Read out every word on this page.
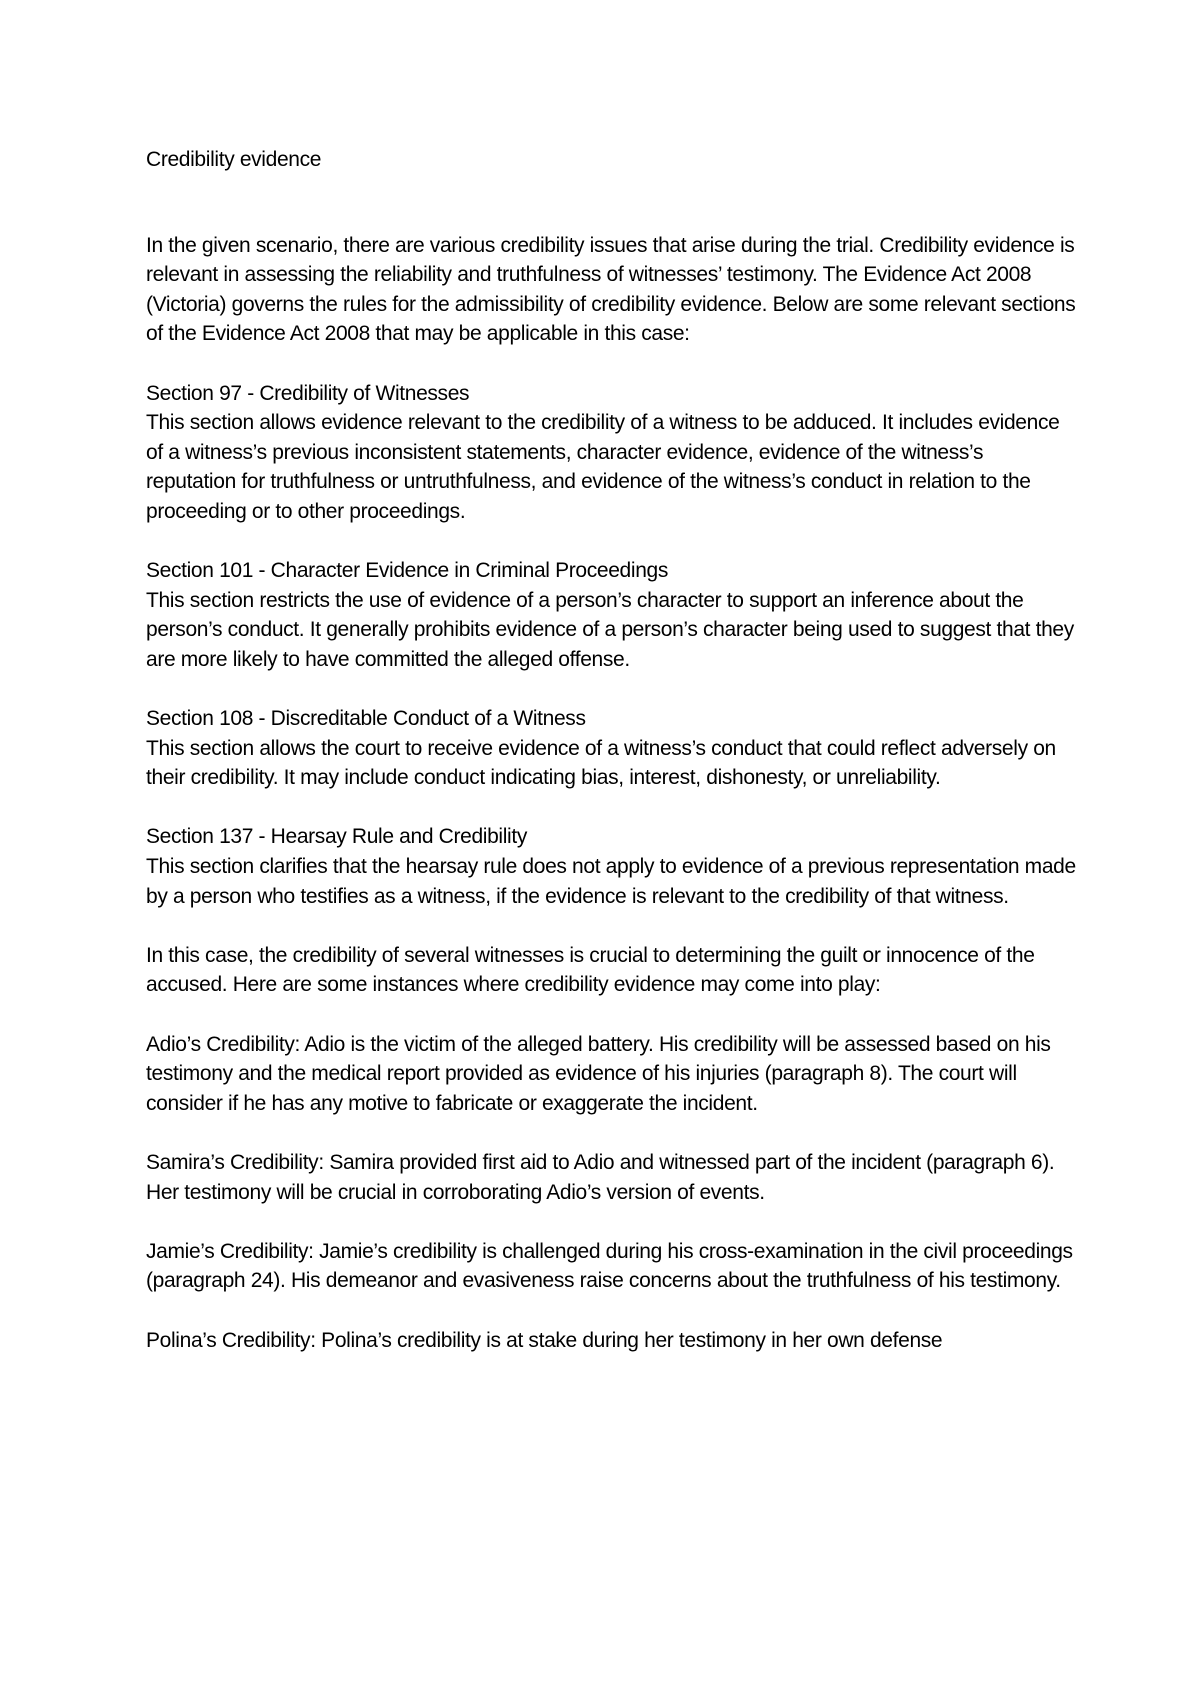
Credibility evidence

In the given scenario, there are various credibility issues that arise during the trial. Credibility evidence is relevant in assessing the reliability and truthfulness of witnesses’ testimony. The Evidence Act 2008 (Victoria) governs the rules for the admissibility of credibility evidence. Below are some relevant sections of the Evidence Act 2008 that may be applicable in this case:

Section 97 - Credibility of Witnesses
This section allows evidence relevant to the credibility of a witness to be adduced. It includes evidence of a witness’s previous inconsistent statements, character evidence, evidence of the witness’s reputation for truthfulness or untruthfulness, and evidence of the witness’s conduct in relation to the proceeding or to other proceedings.
Section 101 - Character Evidence in Criminal Proceedings
This section restricts the use of evidence of a person’s character to support an inference about the person’s conduct. It generally prohibits evidence of a person’s character being used to suggest that they are more likely to have committed the alleged offense.
Section 108 - Discreditable Conduct of a Witness
This section allows the court to receive evidence of a witness’s conduct that could reflect adversely on their credibility. It may include conduct indicating bias, interest, dishonesty, or unreliability.
Section 137 - Hearsay Rule and Credibility
This section clarifies that the hearsay rule does not apply to evidence of a previous representation made by a person who testifies as a witness, if the evidence is relevant to the credibility of that witness.

In this case, the credibility of several witnesses is crucial to determining the guilt or innocence of the accused. Here are some instances where credibility evidence may come into play:

Adio’s Credibility: Adio is the victim of the alleged battery. His credibility will be assessed based on his testimony and the medical report provided as evidence of his injuries (paragraph 8). The court will consider if he has any motive to fabricate or exaggerate the incident.

Samira’s Credibility: Samira provided first aid to Adio and witnessed part of the incident (paragraph 6). Her testimony will be crucial in corroborating Adio’s version of events.

Jamie’s Credibility: Jamie’s credibility is challenged during his cross-examination in the civil proceedings (paragraph 24). His demeanor and evasiveness raise concerns about the truthfulness of his testimony.

Polina’s Credibility: Polina’s credibility is at stake during her testimony in her own defense
